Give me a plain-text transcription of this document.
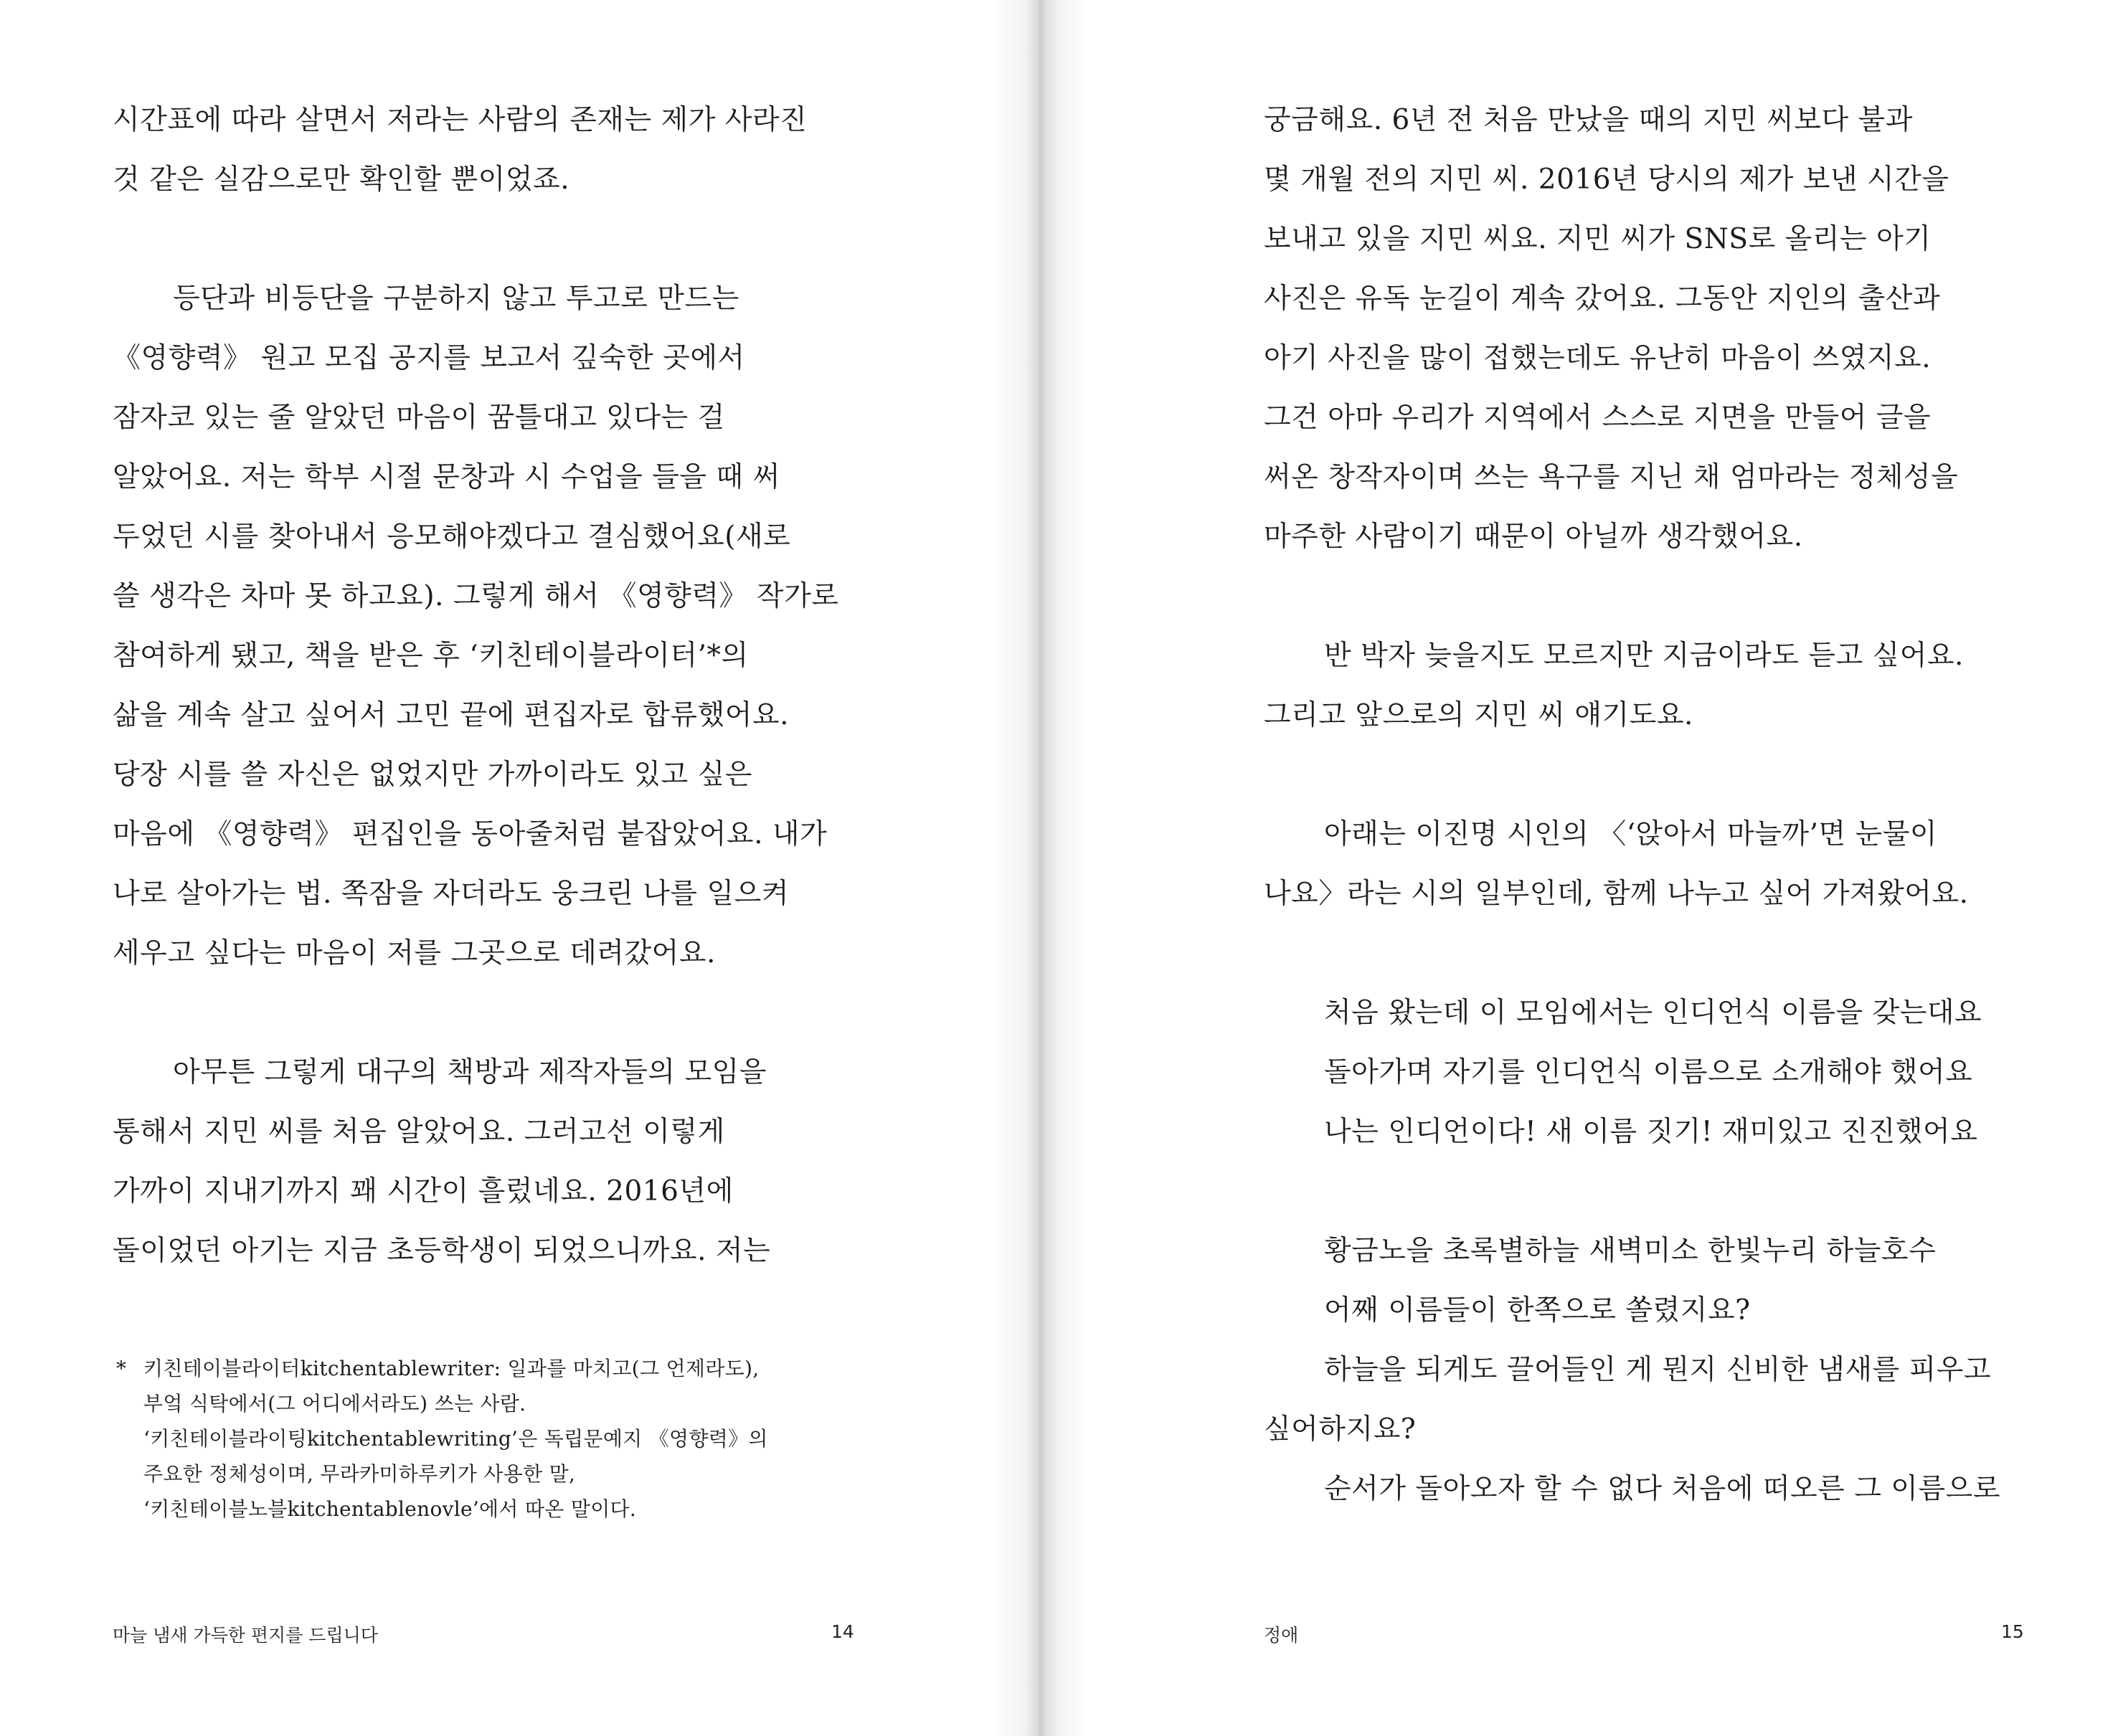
시간표에 따라 살면서 저라는 사람의 존재는 제가 사라진
것 같은 실감으로만 확인할 뿐이었죠.
등단과 비등단을 구분하지 않고 투고로 만드는
《영향력》 원고 모집 공지를 보고서 깊숙한 곳에서
잠자코 있는 줄 알았던 마음이 꿈틀대고 있다는 걸
알았어요. 저는 학부 시절 문창과 시 수업을 들을 때 써
두었던 시를 찾아내서 응모해야겠다고 결심했어요(새로
쓸 생각은 차마 못 하고요). 그렇게 해서 《영향력》 작가로
참여하게 됐고, 책을 받은 후 ‘키친테이블라이터’*의
삶을 계속 살고 싶어서 고민 끝에 편집자로 합류했어요.
당장 시를 쓸 자신은 없었지만 가까이라도 있고 싶은
마음에 《영향력》 편집인을 동아줄처럼 붙잡았어요. 내가
나로 살아가는 법. 쪽잠을 자더라도 웅크린 나를 일으켜
세우고 싶다는 마음이 저를 그곳으로 데려갔어요.
아무튼 그렇게 대구의 책방과 제작자들의 모임을
통해서 지민 씨를 처음 알았어요. 그러고선 이렇게
가까이 지내기까지 꽤 시간이 흘렀네요. 2016년에
돌이었던 아기는 지금 초등학생이 되었으니까요. 저는
* 키친테이블라이터kitchentablewriter: 일과를 마치고(그 언제라도),
부엌 식탁에서(그 어디에서라도) 쓰는 사람.
‘키친테이블라이팅kitchentablewriting’은 독립문예지 《영향력》의
주요한 정체성이며, 무라카미하루키가 사용한 말,
‘키친테이블노블kitchentablenovle’에서 따온 말이다.
마늘 냄새 가득한 편지를 드립니다	14
궁금해요. 6년 전 처음 만났을 때의 지민 씨보다 불과
몇 개월 전의 지민 씨. 2016년 당시의 제가 보낸 시간을
보내고 있을 지민 씨요. 지민 씨가 SNS로 올리는 아기
사진은 유독 눈길이 계속 갔어요. 그동안 지인의 출산과
아기 사진을 많이 접했는데도 유난히 마음이 쓰였지요.
그건 아마 우리가 지역에서 스스로 지면을 만들어 글을
써온 창작자이며 쓰는 욕구를 지닌 채 엄마라는 정체성을
마주한 사람이기 때문이 아닐까 생각했어요.
반 박자 늦을지도 모르지만 지금이라도 듣고 싶어요.
그리고 앞으로의 지민 씨 얘기도요.
아래는 이진명 시인의 〈‘앉아서 마늘까’면 눈물이
나요〉라는 시의 일부인데, 함께 나누고 싶어 가져왔어요.
처음 왔는데 이 모임에서는 인디언식 이름을 갖는대요
돌아가며 자기를 인디언식 이름으로 소개해야 했어요
나는 인디언이다! 새 이름 짓기! 재미있고 진진했어요
황금노을 초록별하늘 새벽미소 한빛누리 하늘호수
어째 이름들이 한쪽으로 쏠렸지요?
하늘을 되게도 끌어들인 게 뭔지 신비한 냄새를 피우고
싶어하지요?
순서가 돌아오자 할 수 없다 처음에 떠오른 그 이름으로
정애	15
